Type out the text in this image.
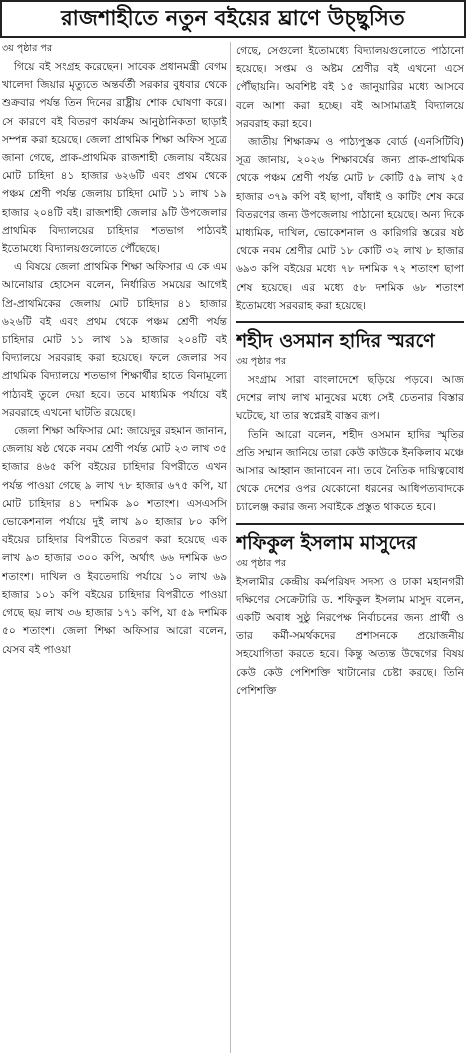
রাজশাহীতে নতুন বইয়ের ঘ্রাণে উচ্ছ্বসিত
৩য় পৃষ্ঠার পর

গিয়ে বই সংগ্রহ করেছেন। সাবেক প্রধানমন্ত্রী বেগম খালেদা জিয়ার মৃত্যুতে অন্তর্বর্তী সরকার বুধবার থেকে শুক্রবার পর্যন্ত তিন দিনের রাষ্ট্রীয় শোক ঘোষণা করে। সে কারণে বই বিতরণ কার্যক্রম আনুষ্ঠানিকতা ছাড়াই সম্পন্ন করা হয়েছে। জেলা প্রাথমিক শিক্ষা অফিস সূত্রে জানা গেছে, প্রাক-প্রাথমিক রাজশাহী জেলায় বইয়ের মোট চাহিদা ৪১ হাজার ৬২৬টি এবং প্রথম থেকে পঞ্চম শ্রেণী পর্যন্ত জেলায় চাহিদা মোট ১১ লাখ ১৯ হাজার ২০৪টি বই। রাজশাহী জেলার ৯টি উপজেলার প্রাথমিক বিদ্যালয়ের চাহিদার শতভাগ পাঠ্যবই ইতোমধ্যে বিদ্যালয়গুলোতে পৌঁছেছে।

এ বিষয়ে জেলা প্রাথমিক শিক্ষা অফিসার এ কে এম আনোয়ার হোসেন বলেন, নির্ধারিত সময়ের আগেই প্রি-প্রাথমিকের জেলায় মোট চাহিদার ৪১ হাজার ৬২৬টি বই এবং প্রথম থেকে পঞ্চম শ্রেণী পর্যন্ত চাহিদার মোট ১১ লাখ ১৯ হাজার ২০৪টি বই বিদ্যালয়ে সরবরাহ করা হয়েছে। ফলে জেলার সব প্রাথমিক বিদ্যালয়ে শতভাগ শিক্ষার্থীর হাতে বিনামূল্যে পাঠ্যবই তুলে দেয়া হবে। তবে মাধ্যমিক পর্যায়ে বই সরবরাহে এখনো ঘাটতি রয়েছে।

জেলা শিক্ষা অফিসার মো: জায়েদুর রহমান জানান, জেলায় ষষ্ঠ থেকে নবম শ্রেণী পর্যন্ত মোট ২৩ লাখ ৩৫ হাজার ৪৬৫ কপি বইয়ের চাহিদার বিপরীতে এখন পর্যন্ত পাওয়া গেছে ৯ লাখ ৭৮ হাজার ৬৭৫ কপি, যা মোট চাহিদার ৪১ দশমিক ৯০ শতাংশ। এসএসসি ভোকেশনাল পর্যায়ে দুই লাখ ৯০ হাজার ৮০ কপি বইয়ের চাহিদার বিপরীতে বিতরণ করা হয়েছে এক লাখ ৯৩ হাজার ৩০০ কপি, অর্থাৎ ৬৬ দশমিক ৬৩ শতাংশ। দাখিল ও ইবতেদায়ি পর্যায়ে ১০ লাখ ৬৯ হাজার ১০১ কপি বইয়ের চাহিদার বিপরীতে পাওয়া গেছে ছয় লাখ ৩৬ হাজার ১৭১ কপি, যা ৫৯ দশমিক ৫০ শতাংশ। জেলা শিক্ষা অফিসার আরো বলেন, যেসব বই পাওয়া

গেছে, সেগুলো ইতোমধ্যে বিদ্যালয়গুলোতে পাঠানো হয়েছে। সপ্তম ও অষ্টম শ্রেণীর বই এখনো এসে পৌঁছায়নি। অবশিষ্ট বই ১৫ জানুয়ারির মধ্যে আসবে বলে আশা করা হচ্ছে। বই আসামাত্রই বিদ্যালয়ে সরবরাহ করা হবে।

জাতীয় শিক্ষাক্রম ও পাঠ্যপুস্তক বোর্ড (এনসিটিবি) সূত্র জানায়, ২০২৬ শিক্ষাবর্ষের জন্য প্রাক-প্রাথমিক থেকে পঞ্চম শ্রেণী পর্যন্ত মোট ৮ কোটি ৫৯ লাখ ২৫ হাজার ৩৭৯ কপি বই ছাপা, বাঁধাই ও কাটিং শেষ করে বিতরণের জন্য উপজেলায় পাঠানো হয়েছে। অন্য দিকে মাধ্যমিক, দাখিল, ভোকেশনাল ও কারিগরি স্তরের ষষ্ঠ থেকে নবম শ্রেণীর মোট ১৮ কোটি ৩২ লাখ ৮ হাজার ৬৯৩ কপি বইয়ের মধ্যে ৭৮ দশমিক ৭২ শতাংশ ছাপা শেষ হয়েছে। এর মধ্যে ৫৮ দশমিক ৬৮ শতাংশ ইতোমধ্যে সরবরাহ করা হয়েছে।

শহীদ ওসমান হাদির স্মরণে
৩য় পৃষ্ঠার পর

সংগ্রাম সারা বাংলাদেশে ছড়িয়ে পড়বে। আজ দেশের লাখ লাখ মানুষের মধ্যে সেই চেতনার বিস্তার ঘটেছে, যা তার স্বপ্নেরই বাস্তব রূপ।

তিনি আরো বলেন, শহীদ ওসমান হাদির স্মৃতির প্রতি সম্মান জানিয়ে তারা কেউ কাউকে ইনকিলাব মঞ্চে আসার আহ্বান জানাবেন না। তবে নৈতিক দায়িত্ববোধ থেকে দেশের ওপর যেকোনো ধরনের আধিপত্যবাদকে চ্যালেঞ্জ করার জন্য সবাইকে প্রস্তুত থাকতে হবে।

শফিকুল ইসলাম মাসুদের
৩য় পৃষ্ঠার পর

ইসলামীর কেন্দ্রীয় কর্মপরিষদ সদস্য ও ঢাকা মহানগরী দক্ষিণের সেক্রেটারি ড. শফিকুল ইসলাম মাসুদ বলেন, একটি অবাধ সুষ্ঠু নিরপেক্ষ নির্বাচনের জন্য প্রার্থী ও তার কর্মী-সমর্থকদের প্রশাসনকে প্রয়োজনীয় সহযোগিতা করতে হবে। কিন্তু অত্যন্ত উদ্বেগের বিষয় কেউ কেউ পেশিশক্তি খাটানোর চেষ্টা করছে। তিনি পেশিশক্তি
